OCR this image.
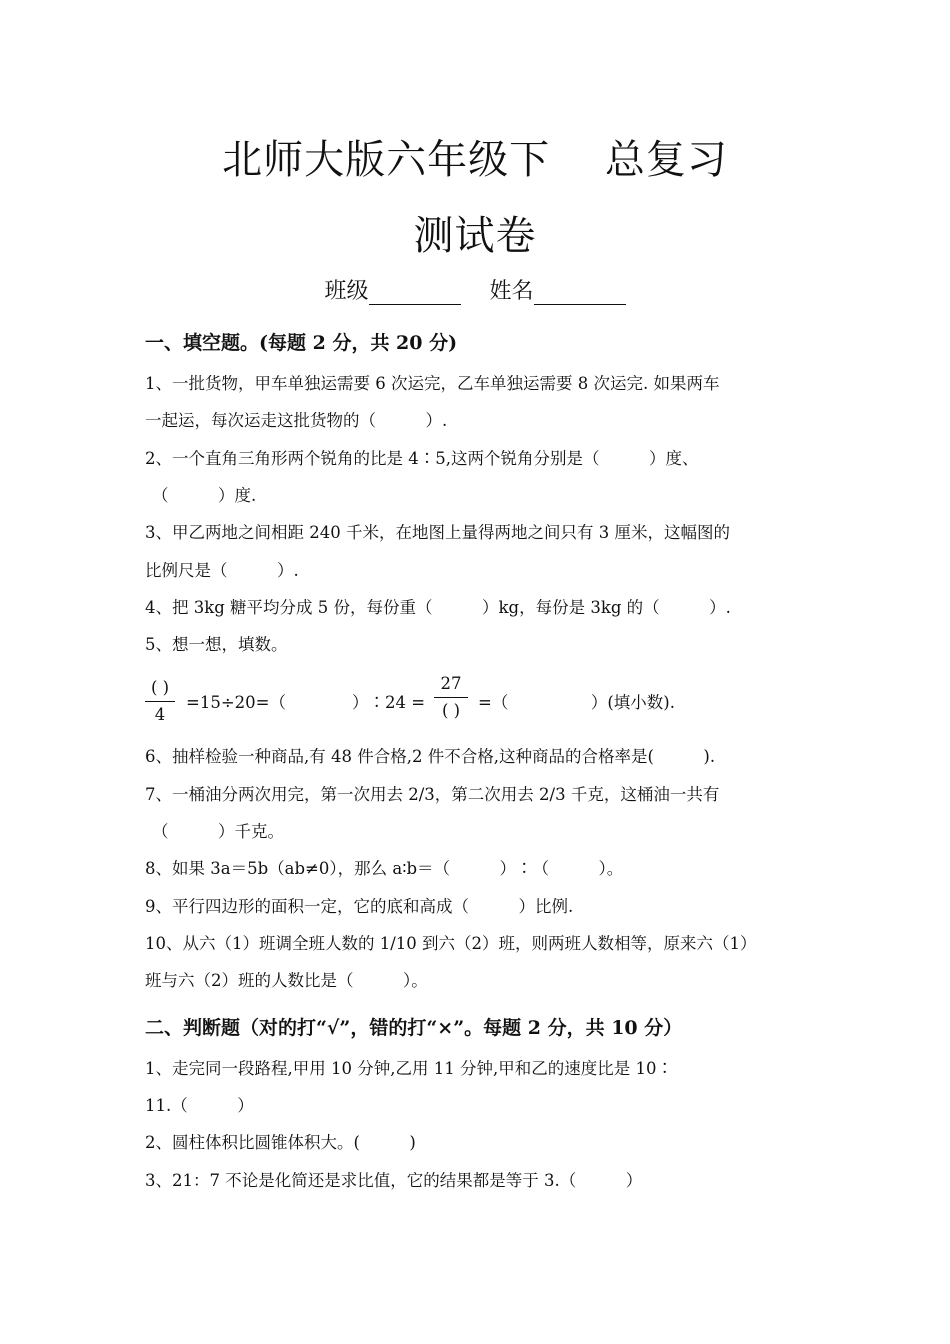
北师大版六年级下　 总复习
测试卷
班级	姓名
一、填空题。(每题 2 分，共 20 分)
1、一批货物，甲车单独运需要 6 次运完，乙车单独运需要 8 次运完. 如果两车
一起运，每次运走这批货物的（　　　）.
2、一个直角三角形两个锐角的比是 4∶5,这两个锐角分别是（　　　）度、
（　　　）度.
3、甲乙两地之间相距 240 千米，在地图上量得两地之间只有 3 厘米，这幅图的
比例尺是（　　　）.
4、把 3kg 糖平均分成 5 份，每份重（　　　）kg，每份是 3kg 的（　　　）.
5、想一想，填数。
( )
4
=15÷20=（　　　　）∶24 =
27
( )	=（　　　　　）(填小数).
6、抽样检验一种商品,有 48 件合格,2 件不合格,这种商品的合格率是(　　　).
7、一桶油分两次用完，第一次用去 2/3，第二次用去 2/3 千克，这桶油一共有
（　　　）千克。
8、如果 3a＝5b（ab≠0），那么 a∶b＝（　　　）∶（　　　）。
9、平行四边形的面积一定，它的底和高成（　　　）比例.
10、从六（1）班调全班人数的 1/10 到六（2）班，则两班人数相等，原来六（1）
班与六（2）班的人数比是（　　　）。
二、判断题（对的打“√”，错的打“×”。每题 2 分，共 10 分）
1、走完同一段路程,甲用 10 分钟,乙用 11 分钟,甲和乙的速度比是 10∶
11.（　　　）
2、圆柱体积比圆锥体积大。(　　　)
3、21：7 不论是化简还是求比值，它的结果都是等于 3.（　　　）
